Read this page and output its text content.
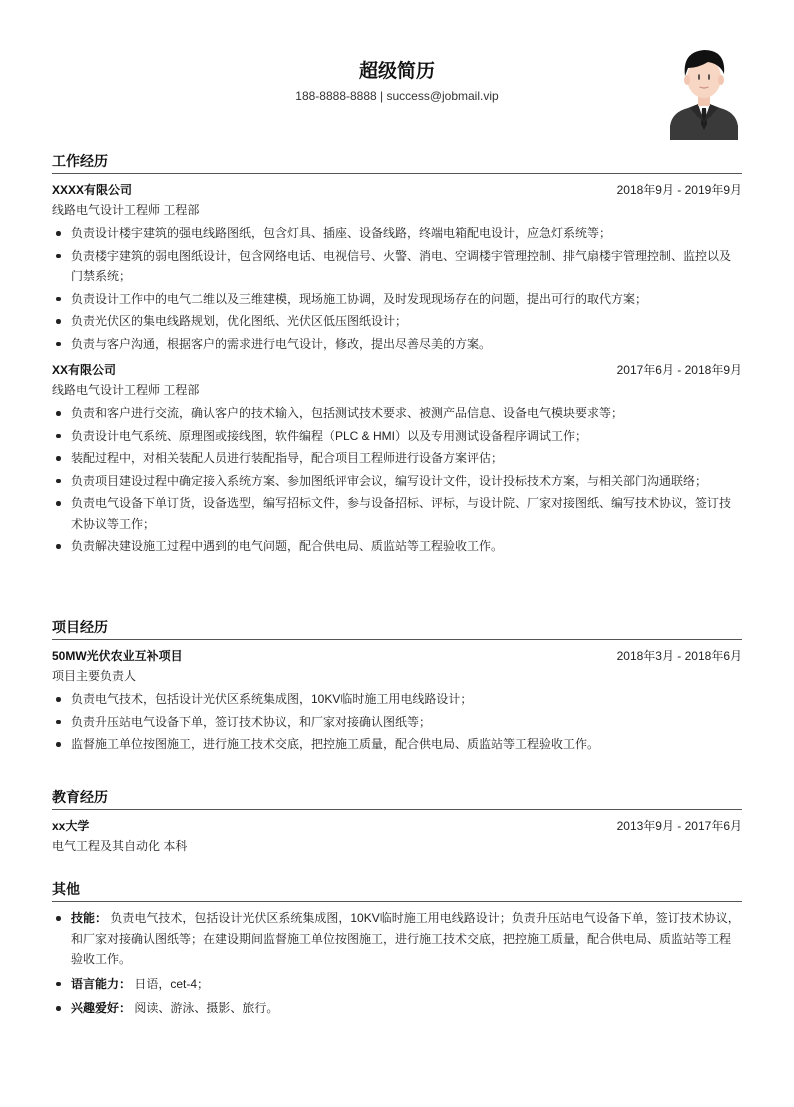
超级简历
188-8888-8888 | success@jobmail.vip
工作经历
XXXX有限公司	2018年9月 - 2019年9月
线路电气设计工程师 工程部
负责设计楼宇建筑的强电线路图纸，包含灯具、插座、设备线路，终端电箱配电设计，应急灯系统等；
负责楼宇建筑的弱电图纸设计，包含网络电话、电视信号、火警、消电、空调楼宇管理控制、排气扇楼宇管理控制、监控以及门禁系统；
负责设计工作中的电气二维以及三维建模，现场施工协调，及时发现现场存在的问题，提出可行的取代方案；
负责光伏区的集电线路规划，优化图纸、光伏区低压图纸设计；
负责与客户沟通，根据客户的需求进行电气设计，修改，提出尽善尽美的方案。
XX有限公司	2017年6月 - 2018年9月
线路电气设计工程师 工程部
负责和客户进行交流，确认客户的技术输入，包括测试技术要求、被测产品信息、设备电气模块要求等；
负责设计电气系统、原理图或接线图，软件编程（PLC & HMI）以及专用测试设备程序调试工作；
装配过程中，对相关装配人员进行装配指导，配合项目工程师进行设备方案评估；
负责项目建设过程中确定接入系统方案、参加图纸评审会议，编写设计文件，设计投标技术方案，与相关部门沟通联络；
负责电气设备下单订货，设备选型，编写招标文件，参与设备招标、评标，与设计院、厂家对接图纸、编写技术协议，签订技术协议等工作；
负责解决建设施工过程中遇到的电气问题，配合供电局、质监站等工程验收工作。
项目经历
50MW光伏农业互补项目	2018年3月 - 2018年6月
项目主要负责人
负责电气技术，包括设计光伏区系统集成图，10KV临时施工用电线路设计；
负责升压站电气设备下单，签订技术协议，和厂家对接确认图纸等；
监督施工单位按图施工，进行施工技术交底，把控施工质量，配合供电局、质监站等工程验收工作。
教育经历
xx大学	2013年9月 - 2017年6月
电气工程及其自动化 本科
其他
技能： 负责电气技术，包括设计光伏区系统集成图，10KV临时施工用电线路设计；负责升压站电气设备下单，签订技术协议，和厂家对接确认图纸等；在建设期间监督施工单位按图施工，进行施工技术交底，把控施工质量，配合供电局、质监站等工程验收工作。
语言能力： 日语，cet-4；
兴趣爱好： 阅读、游泳、摄影、旅行。
